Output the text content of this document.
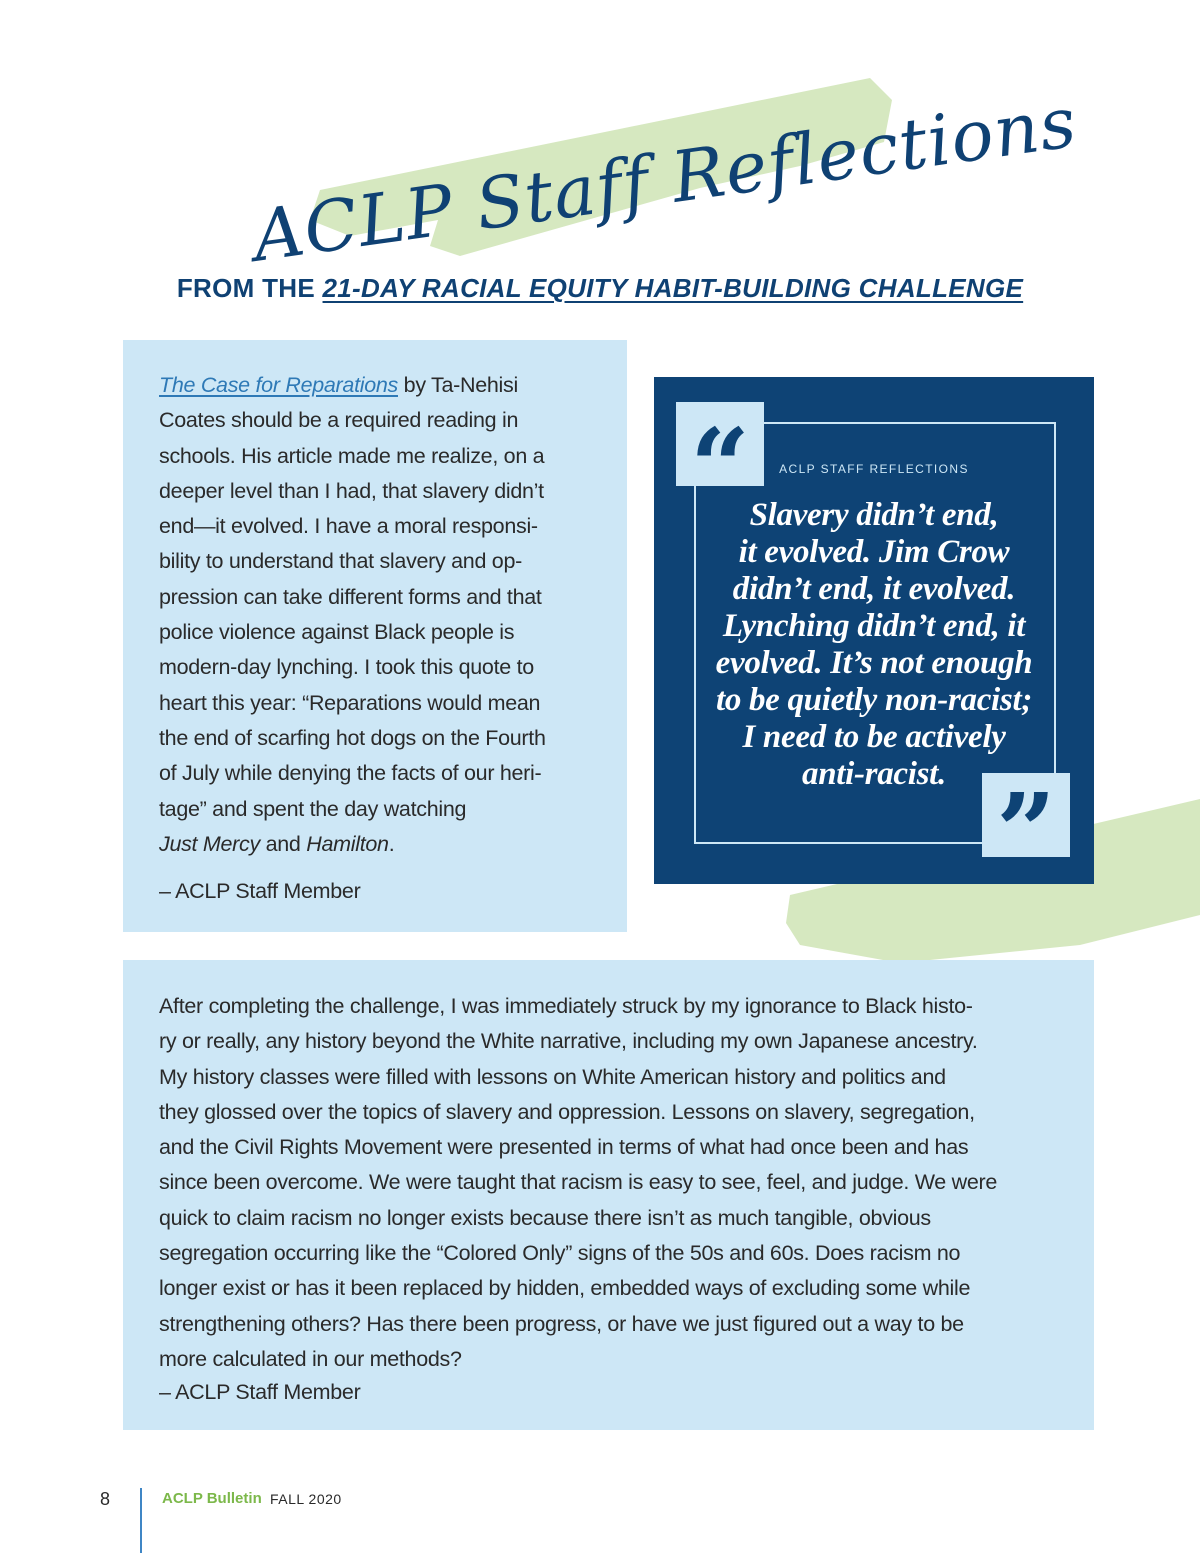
ACLP Staff Reflections
FROM THE 21-DAY RACIAL EQUITY HABIT-BUILDING CHALLENGE
The Case for Reparations by Ta-Nehisi
Coates should be a required reading in
schools. His article made me realize, on a
deeper level than I had, that slavery didn’t
end—it evolved. I have a moral responsi-
bility to understand that slavery and op-
pression can take different forms and that
police violence against Black people is
modern-day lynching. I took this quote to
heart this year: “Reparations would mean
the end of scarfing hot dogs on the Fourth
of July while denying the facts of our heri-
tage” and spent the day watching
Just Mercy and Hamilton.
– ACLP Staff Member
“	ACLP STAFF REFLECTIONS
Slavery didn’t end,
it evolved. Jim Crow
didn’t end, it evolved.
Lynching didn’t end, it
evolved. It’s not enough
to be quietly non-racist;
I need to be actively
anti-racist. ”
After completing the challenge, I was immediately struck by my ignorance to Black histo-
ry or really, any history beyond the White narrative, including my own Japanese ancestry.
My history classes were filled with lessons on White American history and politics and
they glossed over the topics of slavery and oppression. Lessons on slavery, segregation,
and the Civil Rights Movement were presented in terms of what had once been and has
since been overcome. We were taught that racism is easy to see, feel, and judge. We were
quick to claim racism no longer exists because there isn’t as much tangible, obvious
segregation occurring like the “Colored Only” signs of the 50s and 60s. Does racism no
longer exist or has it been replaced by hidden, embedded ways of excluding some while
strengthening others? Has there been progress, or have we just figured out a way to be
more calculated in our methods?
– ACLP Staff Member
8	ACLP Bulletin FALL 2020
